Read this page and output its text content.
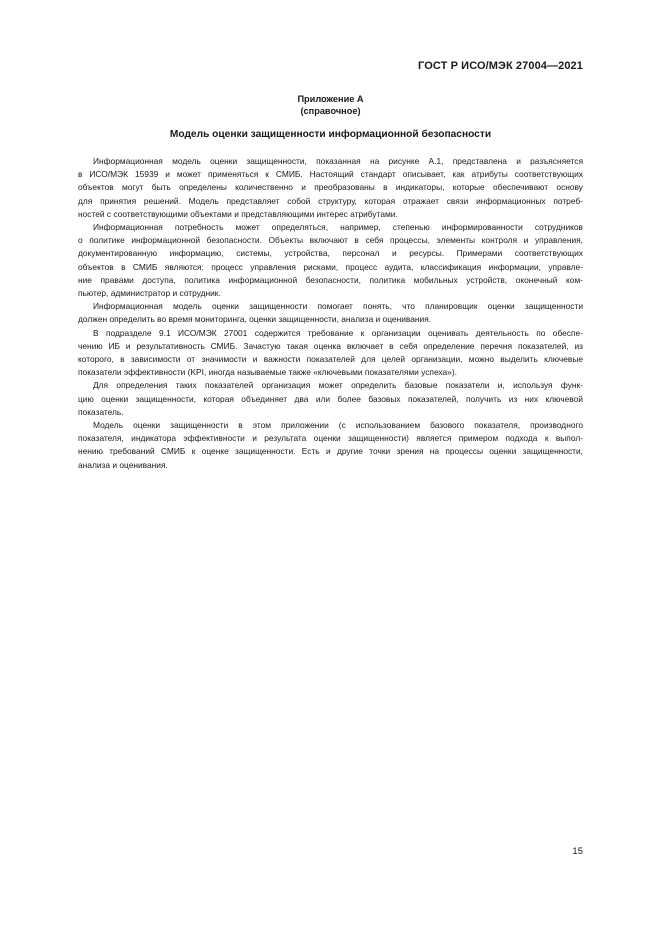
ГОСТ Р ИСО/МЭК 27004—2021
Приложение А
(справочное)
Модель оценки защищенности информационной безопасности

Информационная модель оценки защищенности, показанная на рисунке А.1, представлена и разъясняется
в ИСО/МЭК 15939 и может применяться к СМИБ. Настоящий стандарт описывает, как атрибуты соответствующих
объектов могут быть определены количественно и преобразованы в индикаторы, которые обеспечивают основу
для принятия решений. Модель представляет собой структуру, которая отражает связи информационных потреб-
ностей с соответствующими объектами и представляющими интерес атрибутами.

Информационная потребность может определяться, например, степенью информированности сотрудников
о политике информационной безопасности. Объекты включают в себя процессы, элементы контроля и управления,
документированную информацию, системы, устройства, персонал и ресурсы. Примерами соответствующих
объектов в СМИБ являются: процесс управления рисками, процесс аудита, классификация информации, управле-
ние правами доступа, политика информационной безопасности, политика мобильных устройств, оконечный ком-
пьютер, администратор и сотрудник.

Информационная модель оценки защищенности помогает понять, что планировщик оценки защищенности
должен определить во время мониторинга, оценки защищенности, анализа и оценивания.

В подразделе 9.1 ИСО/МЭК 27001 содержится требование к организации оценивать деятельность по обеспе-
чению ИБ и результативность СМИБ. Зачастую такая оценка включает в себя определение перечня показателей, из
которого, в зависимости от значимости и важности показателей для целей организации, можно выделить ключевые
показатели эффективности (KPI, иногда называемые также «ключевыми показателями успеха»).

Для определения таких показателей организация может определить базовые показатели и, используя функ-
цию оценки защищенности, которая объединяет два или более базовых показателей, получить из них ключевой
показатель.

Модель оценки защищенности в этом приложении (с использованием базового показателя, производного
показателя, индикатора эффективности и результата оценки защищенности) является примером подхода к выпол-
нению требований СМИБ к оценке защищенности. Есть и другие точки зрения на процессы оценки защищенности,
анализа и оценивания.

15
